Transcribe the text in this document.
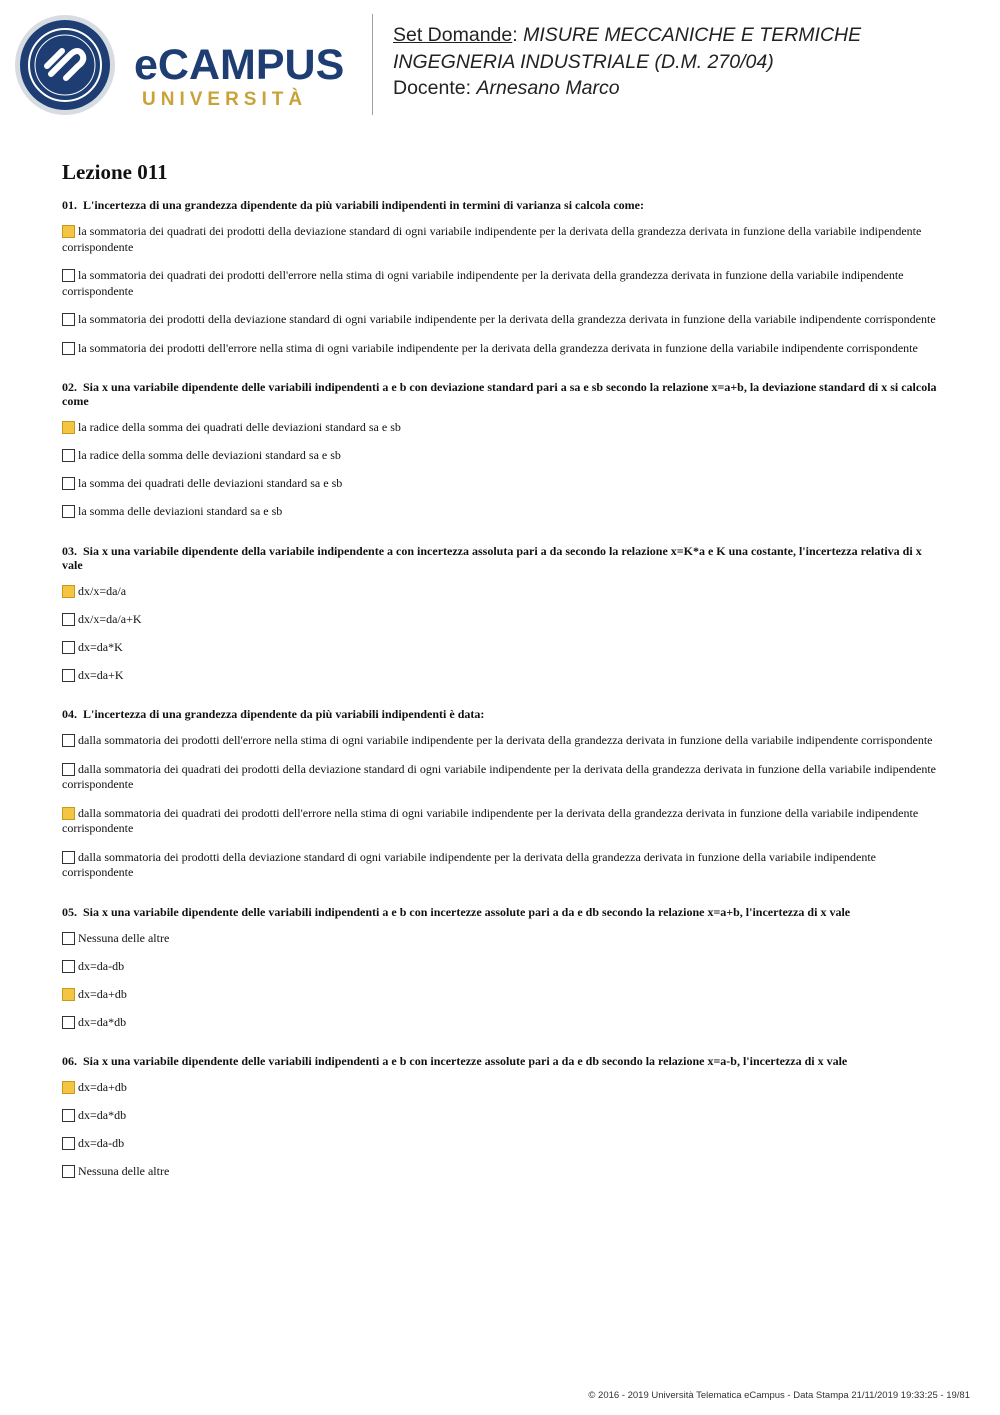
eCAMPUS
UNIVERSITÀ
Set Domande: MISURE MECCANICHE E TERMICHE
INGEGNERIA INDUSTRIALE (D.M. 270/04)
Docente: Arnesano Marco
Lezione 011
01. L'incertezza di una grandezza dipendente da più variabili indipendenti in termini di varianza si calcola come:
la sommatoria dei quadrati dei prodotti della deviazione standard di ogni variabile indipendente per la derivata della grandezza derivata in funzione della variabile indipendente corrispondente
la sommatoria dei quadrati dei prodotti dell'errore nella stima di ogni variabile indipendente per la derivata della grandezza derivata in funzione della variabile indipendente corrispondente
la sommatoria dei prodotti della deviazione standard di ogni variabile indipendente per la derivata della grandezza derivata in funzione della variabile indipendente corrispondente
la sommatoria dei prodotti dell'errore nella stima di ogni variabile indipendente per la derivata della grandezza derivata in funzione della variabile indipendente corrispondente
02. Sia x una variabile dipendente delle variabili indipendenti a e b con deviazione standard pari a sa e sb secondo la relazione x=a+b, la deviazione standard di x si calcola come
la radice della somma dei quadrati delle deviazioni standard sa e sb
la radice della somma delle deviazioni standard sa e sb
la somma dei quadrati delle deviazioni standard sa e sb
la somma delle deviazioni standard sa e sb
03. Sia x una variabile dipendente della variabile indipendente a con incertezza assoluta pari a da secondo la relazione x=K*a e K una costante, l'incertezza relativa di x vale
dx/x=da/a
dx/x=da/a+K
dx=da*K
dx=da+K
04. L'incertezza di una grandezza dipendente da più variabili indipendenti è data:
dalla sommatoria dei prodotti dell'errore nella stima di ogni variabile indipendente per la derivata della grandezza derivata in funzione della variabile indipendente corrispondente
dalla sommatoria dei quadrati dei prodotti della deviazione standard di ogni variabile indipendente per la derivata della grandezza derivata in funzione della variabile indipendente corrispondente
dalla sommatoria dei quadrati dei prodotti dell'errore nella stima di ogni variabile indipendente per la derivata della grandezza derivata in funzione della variabile indipendente corrispondente
dalla sommatoria dei prodotti della deviazione standard di ogni variabile indipendente per la derivata della grandezza derivata in funzione della variabile indipendente corrispondente
05. Sia x una variabile dipendente delle variabili indipendenti a e b con incertezze assolute pari a da e db secondo la relazione x=a+b, l'incertezza di x vale
Nessuna delle altre
dx=da-db
dx=da+db
dx=da*db
06. Sia x una variabile dipendente delle variabili indipendenti a e b con incertezze assolute pari a da e db secondo la relazione x=a-b, l'incertezza di x vale
dx=da+db
dx=da*db
dx=da-db
Nessuna delle altre
© 2016 - 2019 Università Telematica eCampus - Data Stampa 21/11/2019 19:33:25 - 19/81
